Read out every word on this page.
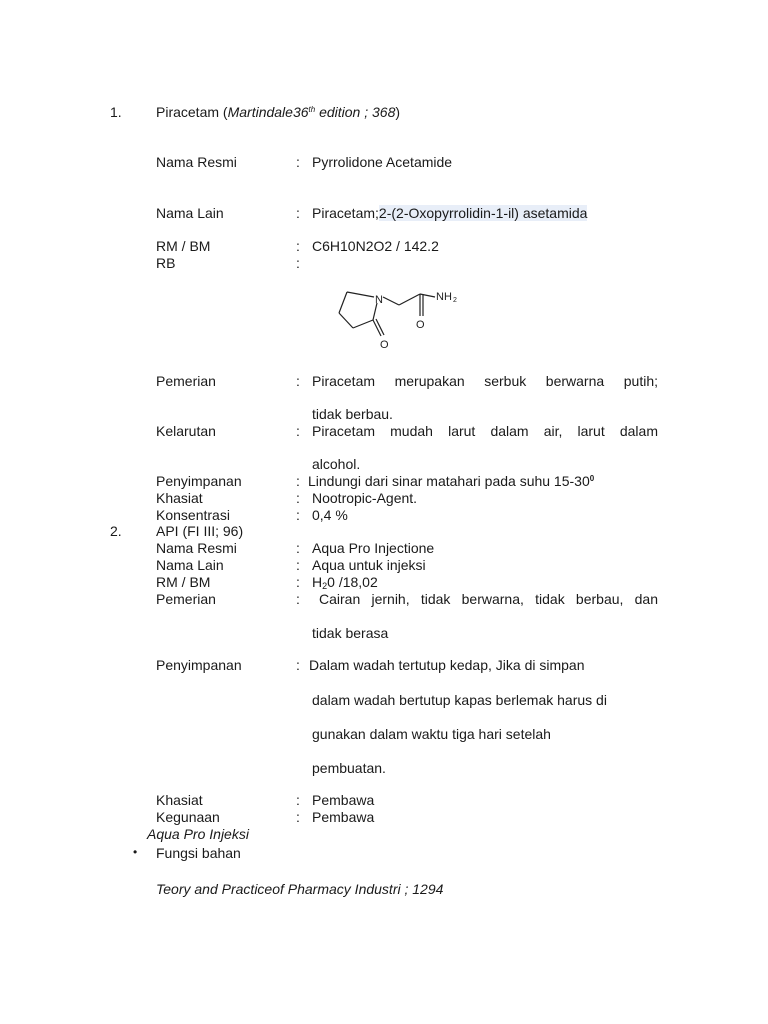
1. Piracetam (Martindale36th edition ; 368)
Nama Resmi	: Pyrrolidone Acetamide
Nama Lain	: Piracetam;2-(2-Oxopyrrolidin-1-il) asetamida
RM / BM	: C6H10N2O2 / 142.2
RB	:
N	NH 2
O
O
Pemerian	: Piracetam merupakan serbuk berwarna putih;
tidak berbau.
Kelarutan	: Piracetam mudah larut dalam air, larut dalam
alcohol.
Penyimpanan	: Lindungi dari sinar matahari pada suhu $15-30^0$
Khasiat	: Nootropic-Agent.
Konsentrasi	: 0,4 %
2. API (FI III; 96)
Nama Resmi	: Aqua Pro Injectione
Nama Lain	: Aqua untuk injeksi
RM / BM	: $H_20$ /18,02
Pemerian	: Cairan jernih, tidak berwarna, tidak berbau, dan
tidak berasa
Penyimpanan	: Dalam wadah tertutup kedap, Jika di simpan
dalam wadah bertutup kapas berlemak harus di
gunakan dalam waktu tiga hari setelah
pembuatan.
Khasiat	: Pembawa
Kegunaan	: Pembawa
Aqua Pro Injeksi
• Fungsi bahan
Teory and Practiceof Pharmacy Industri ; 1294
